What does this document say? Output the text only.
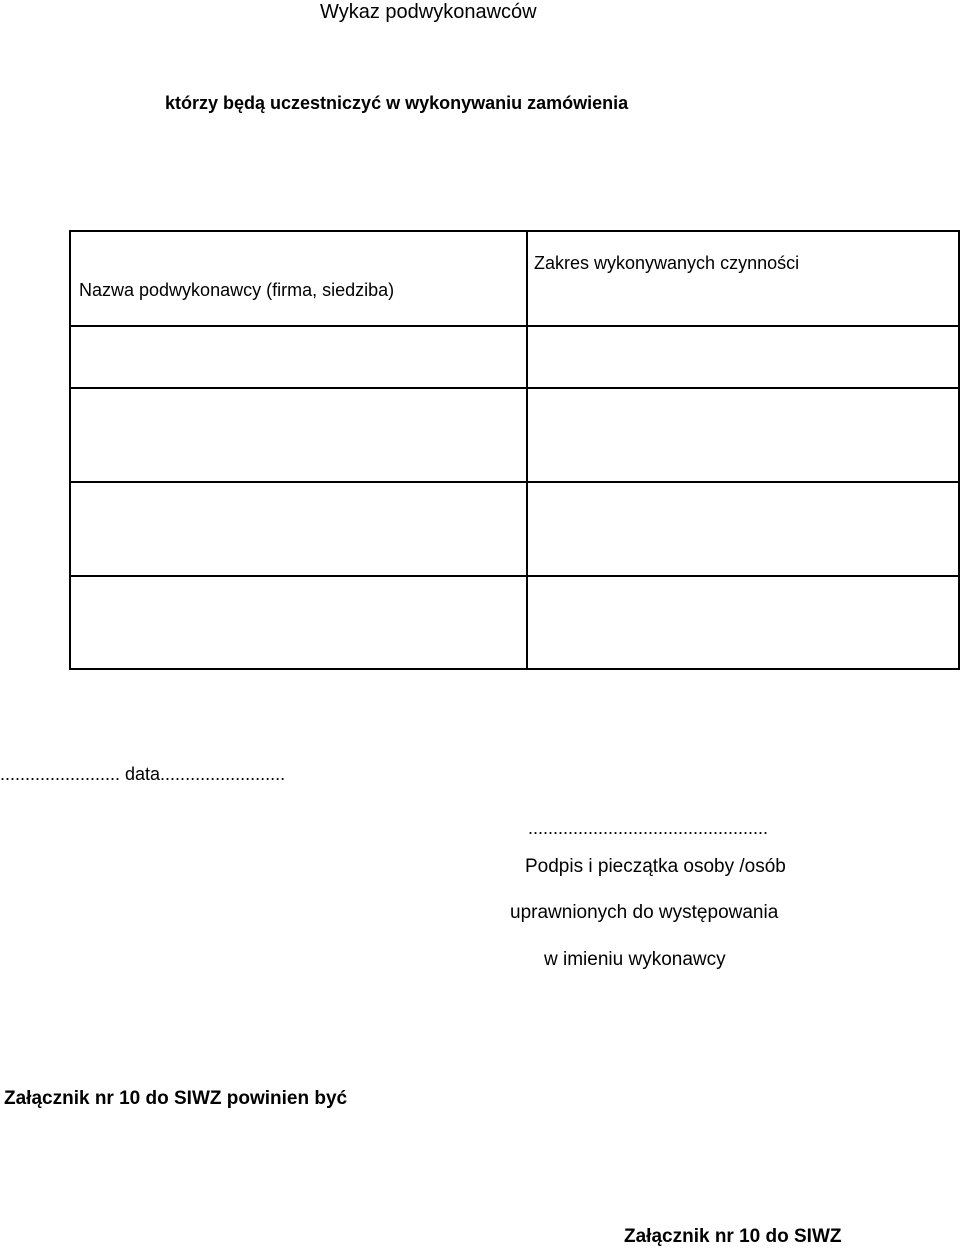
Wykaz podwykonawców
którzy będą uczestniczyć w wykonywaniu zamówienia
Nazwa podwykonawcy (firma, siedziba)	Zakres wykonywanych czynności

........................ data.........................
................................................
Podpis i pieczątka osoby /osób
uprawnionych do występowania
w imieniu wykonawcy
Załącznik nr 10 do SIWZ powinien być
Załącznik nr 10 do SIWZ
